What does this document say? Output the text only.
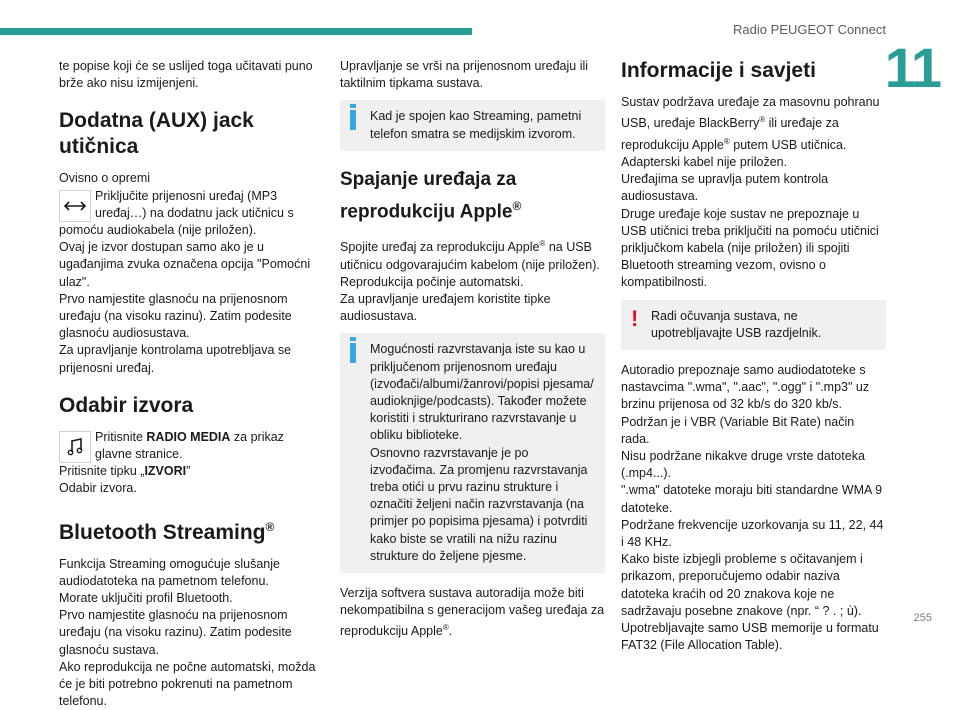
Radio PEUGEOT Connect
11
255

te popise koji će se uslijed toga učitavati puno brže ako nisu izmijenjeni.

Dodatna (AUX) jack utičnica

Ovisno o opremi

Priključite prijenosni uređaj (MP3 uređaj…) na dodatnu jack utičnicu s

pomoću audiokabela (nije priložen).

Ovaj je izvor dostupan samo ako je u ugađanjima zvuka označena opcija "Pomoćni ulaz".

Prvo namjestite glasnoću na prijenosnom uređaju (na visoku razinu). Zatim podesite glasnoću audiosustava.

Za upravljanje kontrolama upotrebljava se prijenosni uređaj.

Odabir izvora

Pritisnite RADIO MEDIA za prikaz glavne stranice.

Pritisnite tipku „IZVORI”

Odabir izvora.

Bluetooth Streaming®

Funkcija Streaming omogućuje slušanje audiodatoteka na pametnom telefonu.

Morate uključiti profil Bluetooth.

Prvo namjestite glasnoću na prijenosnom uređaju (na visoku razinu). Zatim podesite glasnoću sustava.

Ako reprodukcija ne počne automatski, možda će je biti potrebno pokrenuti na pametnom telefonu.

Upravljanje se vrši na prijenosnom uređaju ili taktilnim tipkama sustava.

Kad je spojen kao Streaming, pametni telefon smatra se medijskim izvorom.

Spajanje uređaja za reprodukciju Apple®

Spojite uređaj za reprodukciju Apple® na USB utičnicu odgovarajućim kabelom (nije priložen).

Reprodukcija počinje automatski.

Za upravljanje uređajem koristite tipke audiosustava.

Mogućnosti razvrstavanja iste su kao u priključenom prijenosnom uređaju (izvođači/albumi/žanrovi/popisi pjesama/ audioknjige/podcasts). Također možete koristiti i strukturirano razvrstavanje u obliku biblioteke.

Osnovno razvrstavanje je po izvođačima. Za promjenu razvrstavanja treba otići u prvu razinu strukture i označiti željeni način razvrstavanja (na primjer po popisima pjesama) i potvrditi kako biste se vratili na nižu razinu strukture do željene pjesme.

Verzija softvera sustava autoradija može biti nekompatibilna s generacijom vašeg uređaja za reprodukciju Apple®.

Informacije i savjeti

Sustav podržava uređaje za masovnu pohranu USB, uređaje BlackBerry® ili uređaje za reprodukciju Apple® putem USB utičnica.

Adapterski kabel nije priložen.

Uređajima se upravlja putem kontrola audiosustava.

Druge uređaje koje sustav ne prepoznaje u USB utičnici treba priključiti na pomoću utičnici priključkom kabela (nije priložen) ili spojiti Bluetooth streaming vezom, ovisno o kompatibilnosti.

! Radi očuvanja sustava, ne upotrebljavajte USB razdjelnik.

Autoradio prepoznaje samo audiodatoteke s nastavcima ".wma", ".aac", ".ogg" i ".mp3" uz brzinu prijenosa od 32 kb/s do 320 kb/s.

Podržan je i VBR (Variable Bit Rate) način rada.

Nisu podržane nikakve druge vrste datoteka (.mp4...).

".wma" datoteke moraju biti standardne WMA 9 datoteke.

Podržane frekvencije uzorkovanja su 11, 22, 44 i 48 KHz.

Kako biste izbjegli probleme s očitavanjem i prikazom, preporučujemo odabir naziva datoteka kraćih od 20 znakova koje ne sadržavaju posebne znakove (npr. “ ? . ; ù).

Upotrebljavajte samo USB memorije u formatu FAT32 (File Allocation Table).
